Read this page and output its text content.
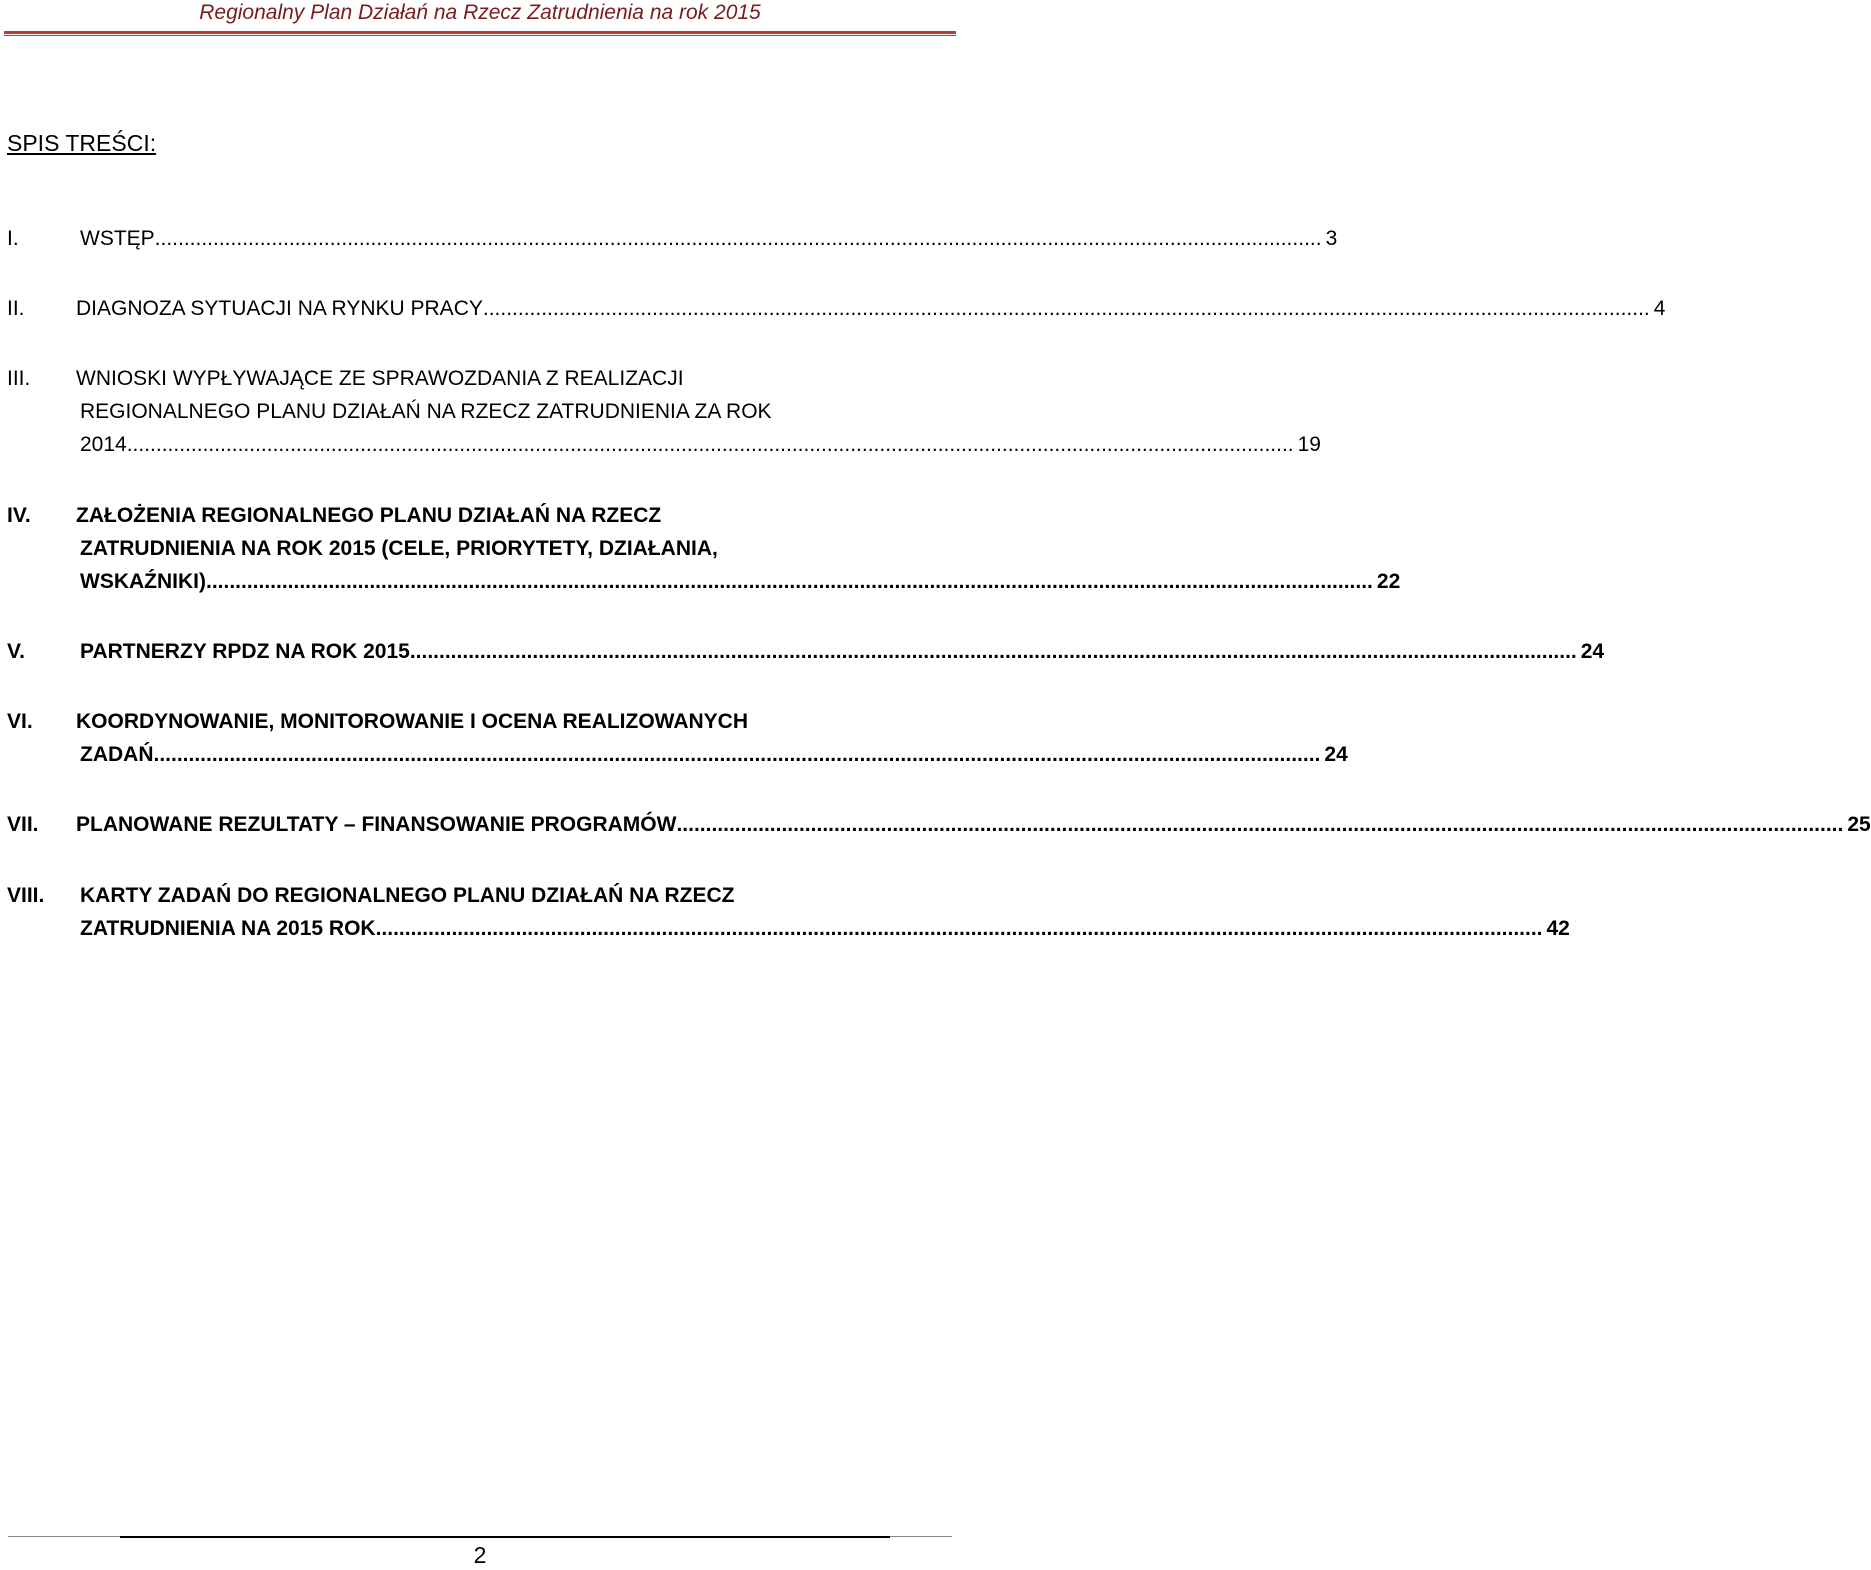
Regionalny Plan Działań na Rzecz Zatrudnienia na rok 2015
SPIS TREŚCI:
I.	WSTĘP ........................................................................................................................................................................................................ 3
II. DIAGNOZA SYTUACJI NA RYNKU PRACY ........................................................................................................................................................................................................ 4
III. WNIOSKI WYPŁYWAJĄCE ZE SPRAWOZDANIA Z REALIZACJI
REGIONALNEGO PLANU DZIAŁAŃ NA RZECZ ZATRUDNIENIA ZA ROK
2014 ........................................................................................................................................................................................................ 19
IV. ZAŁOŻENIA REGIONALNEGO PLANU DZIAŁAŃ NA RZECZ
ZATRUDNIENIA NA ROK 2015 (CELE, PRIORYTETY, DZIAŁANIA,
WSKAŹNIKI) ........................................................................................................................................................................................................ 22
V.	PARTNERZY RPDZ NA ROK 2015 ........................................................................................................................................................................................................ 24
VI. KOORDYNOWANIE, MONITOROWANIE I OCENA REALIZOWANYCH
ZADAŃ ........................................................................................................................................................................................................ 24
VII. PLANOWANE REZULTATY – FINANSOWANIE PROGRAMÓW ........................................................................................................................................................................................................ 25
VIII. KARTY ZADAŃ DO REGIONALNEGO PLANU DZIAŁAŃ NA RZECZ
ZATRUDNIENIA NA 2015 ROK ........................................................................................................................................................................................................ 42
2
